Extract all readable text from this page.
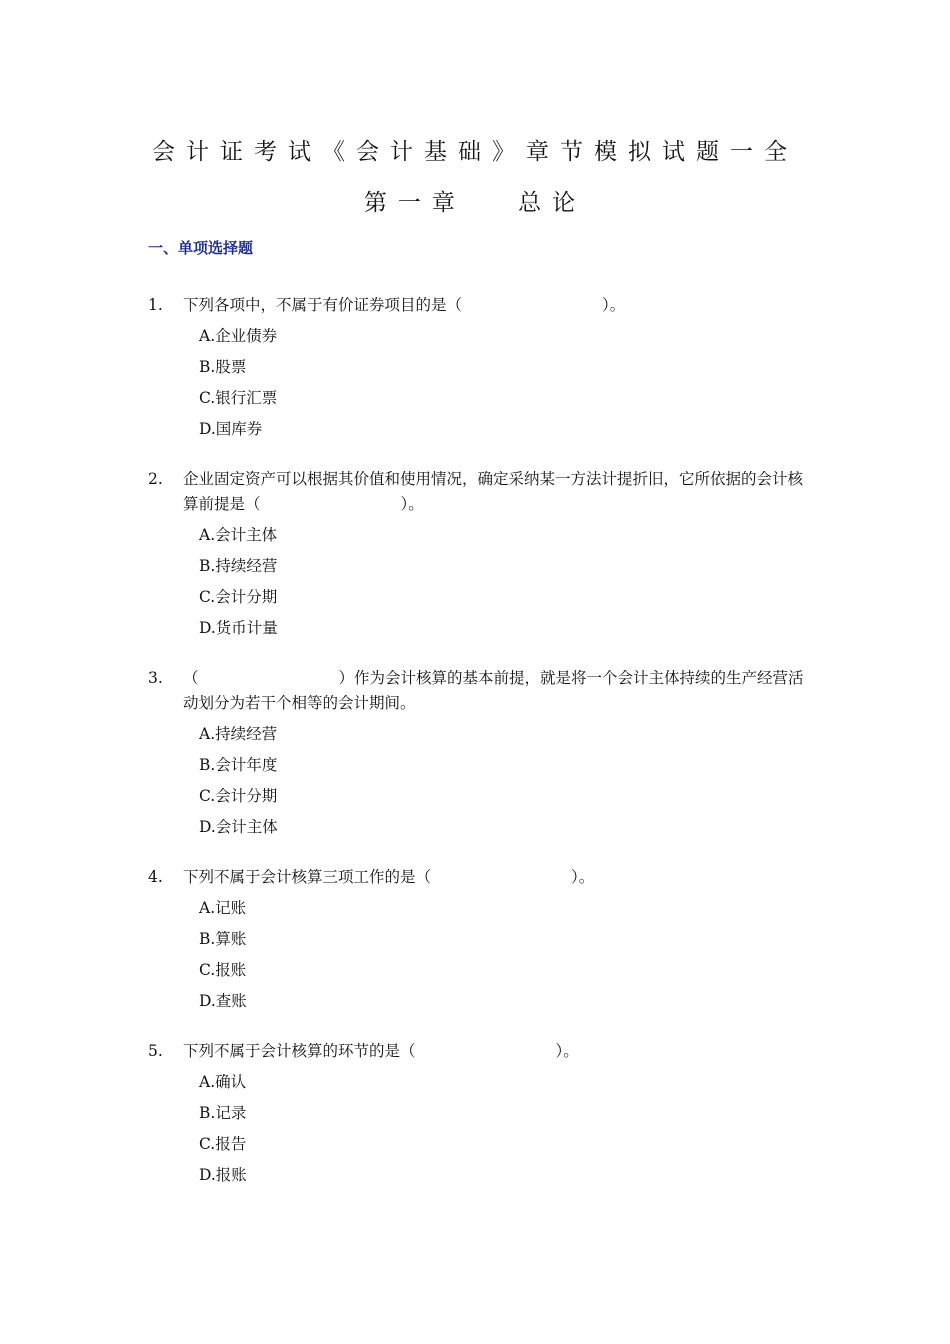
会计证考试《会计基础》章节模拟试题一全
第一章　 总论
一、单项选择题
1. 下列各项中，不属于有价证券项目的是（	）。
A.企业债券
B.股票
C.银行汇票
D.国库券
2. 企业固定资产可以根据其价值和使用情况，确定采纳某一方法计提折旧，它所依据的会计核算前提是（	）。
A.会计主体
B.持续经营
C.会计分期
D.货币计量
3. （	）作为会计核算的基本前提，就是将一个会计主体持续的生产经营活动划分为若干个相等的会计期间。
A.持续经营
B.会计年度
C.会计分期
D.会计主体
4. 下列不属于会计核算三项工作的是（	）。
A.记账
B.算账
C.报账
D.查账
5. 下列不属于会计核算的环节的是（	）。
A.确认
B.记录
C.报告
D.报账
